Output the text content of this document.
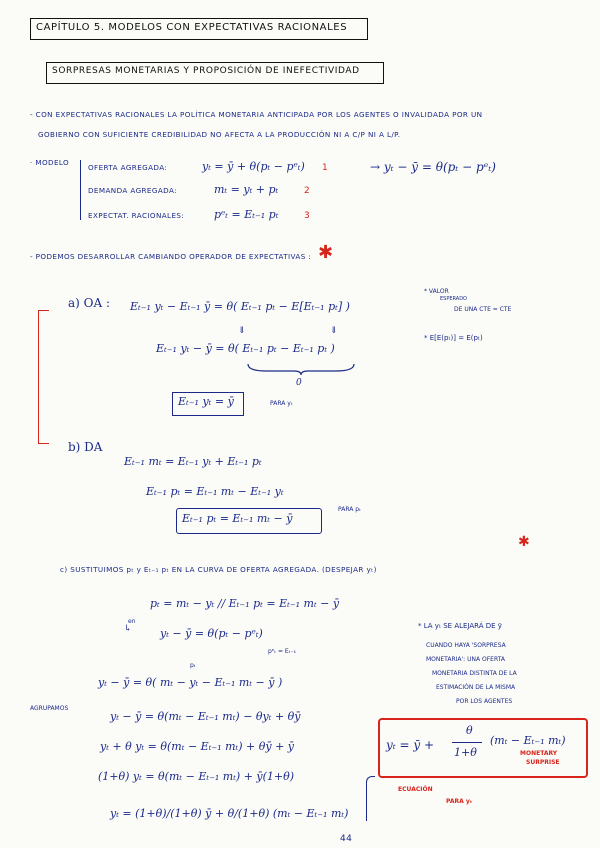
CAPÍTULO 5. MODELOS CON EXPECTATIVAS RACIONALES
SORPRESAS MONETARIAS Y PROPOSICIÓN DE INEFECTIVIDAD
- CON EXPECTATIVAS RACIONALES LA POLÍTICA MONETARIA ANTICIPADA POR LOS AGENTES O INVALIDADA POR UN
GOBIERNO CON SUFICIENTE CREDIBILIDAD NO AFECTA A LA PRODUCCIÓN NI A C/P NI A L/P.
· MODELO
OFERTA AGREGADA:	yₜ = ȳ + θ(pₜ − pᵉₜ) 1	→ yₜ − ȳ = θ(pₜ − pᵉₜ)
DEMANDA AGREGADA:	mₜ = yₜ + pₜ	2
EXPECTAT. RACIONALES:	pᵉₜ = Eₜ₋₁ pₜ	3
- PODEMOS DESARROLLAR CAMBIANDO OPERADOR DE EXPECTATIVAS : ✱
a) OA : Eₜ₋₁ yₜ − Eₜ₋₁ ȳ = θ( Eₜ₋₁ pₜ − E[Eₜ₋₁ pₜ] )
⇓	⇓
Eₜ₋₁ yₜ − ȳ = θ( Eₜ₋₁ pₜ − Eₜ₋₁ pₜ )
0
Eₜ₋₁ yₜ = ȳ	PARA yₜ
* VALOR
ESPERADO
DE UNA CTE = CTE
* E[E(pₜ)] = E(pₜ)
b) DA
Eₜ₋₁ mₜ = Eₜ₋₁ yₜ + Eₜ₋₁ pₜ
Eₜ₋₁ pₜ = Eₜ₋₁ mₜ − Eₜ₋₁ yₜ
Eₜ₋₁ pₜ = Eₜ₋₁ mₜ − ȳ
PARA pₜ
✱
c) SUSTITUIMOS pₜ y Eₜ₋₁ pₜ EN LA CURVA DE OFERTA AGREGADA. (DESPEJAR yₜ)
pₜ = mₜ − yₜ // Eₜ₋₁ pₜ = Eₜ₋₁ mₜ − ȳ
en
↳	yₜ − ȳ = θ(pₜ − pᵉₜ)
pₜ
pᵉₜ = Eₜ₋₁
yₜ − ȳ = θ( mₜ − yₜ − Eₜ₋₁ mₜ − ȳ )
AGRUPAMOS
yₜ − ȳ = θ(mₜ − Eₜ₋₁ mₜ) − θyₜ + θȳ
yₜ + θ yₜ = θ(mₜ − Eₜ₋₁ mₜ) + θȳ + ȳ
(1+θ) yₜ = θ(mₜ − Eₜ₋₁ mₜ) + ȳ(1+θ)
yₜ = (1+θ)/(1+θ) ȳ + θ/(1+θ) (mₜ − Eₜ₋₁ mₜ)
* LA yₜ SE ALEJARÁ DE ȳ
CUANDO HAYA 'SORPRESA
MONETARIA': UNA OFERTA
MONETARIA DISTINTA DE LA
ESTIMACIÓN DE LA MISMA
POR LOS AGENTES
yₜ = ȳ +
θ
1+θ
(mₜ − Eₜ₋₁ mₜ)
MONETARY
SURPRISE
ECUACIÓN
PARA yₜ
44
